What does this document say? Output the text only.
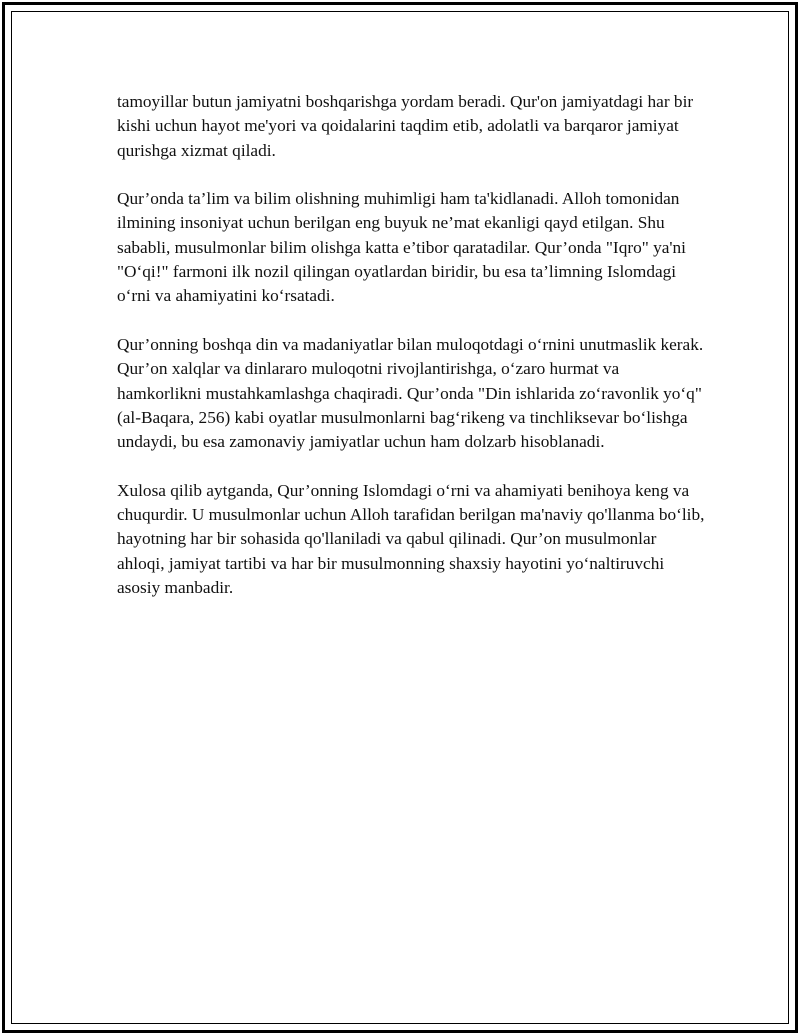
tamoyillar butun jamiyatni boshqarishga yordam beradi. Qur'on jamiyatdagi har bir kishi uchun hayot me'yori va qoidalarini taqdim etib, adolatli va barqaror jamiyat qurishga xizmat qiladi.

Qur’onda ta’lim va bilim olishning muhimligi ham ta'kidlanadi. Alloh tomonidan ilmining insoniyat uchun berilgan eng buyuk ne’mat ekanligi qayd etilgan. Shu sababli, musulmonlar bilim olishga katta e’tibor qaratadilar. Qur’onda "Iqro" ya'ni "O‘qi!" farmoni ilk nozil qilingan oyatlardan biridir, bu esa ta’limning Islomdagi o‘rni va ahamiyatini ko‘rsatadi.

Qur’onning boshqa din va madaniyatlar bilan muloqotdagi o‘rnini unutmaslik kerak. Qur’on xalqlar va dinlararo muloqotni rivojlantirishga, o‘zaro hurmat va hamkorlikni mustahkamlashga chaqiradi. Qur’onda "Din ishlarida zo‘ravonlik yo‘q" (al-Baqara, 256) kabi oyatlar musulmonlarni bag‘rikeng va tinchliksevar bo‘lishga undaydi, bu esa zamonaviy jamiyatlar uchun ham dolzarb hisoblanadi.

Xulosa qilib aytganda, Qur’onning Islomdagi o‘rni va ahamiyati benihoya keng va chuqurdir. U musulmonlar uchun Alloh tarafidan berilgan ma'naviy qo'llanma bo‘lib, hayotning har bir sohasida qo'llaniladi va qabul qilinadi. Qur’on musulmonlar ahloqi, jamiyat tartibi va har bir musulmonning shaxsiy hayotini yo‘naltiruvchi asosiy manbadir.
